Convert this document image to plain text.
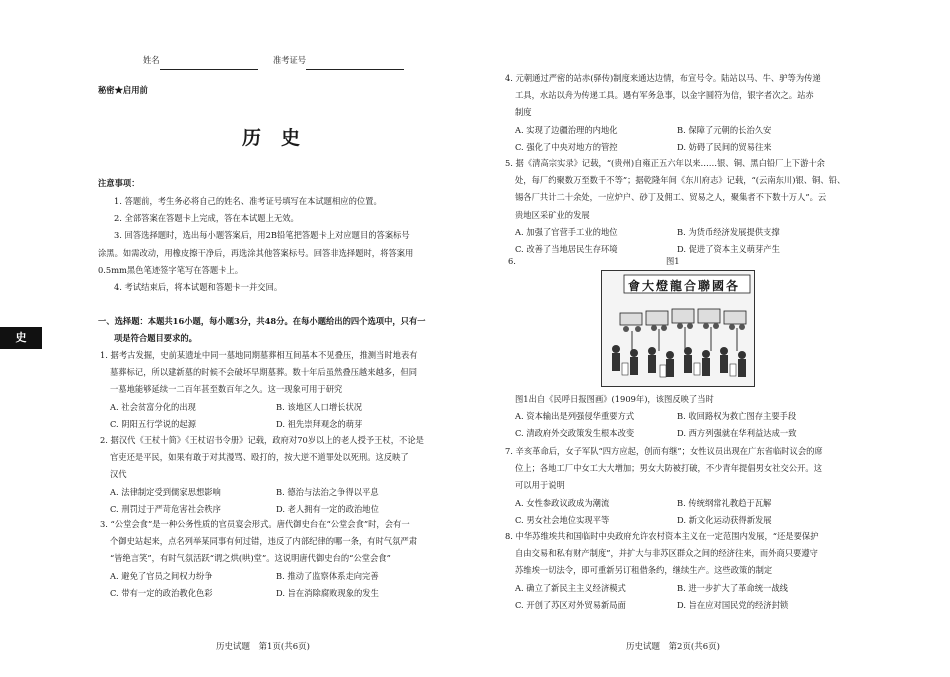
史
姓名	准考证号
秘密★启用前
历史
注意事项：
1. 答题前，考生务必将自己的姓名、准考证号填写在本试题相应的位置。
2. 全部答案在答题卡上完成，答在本试题上无效。
3. 回答选择题时，选出每小题答案后，用2B铅笔把答题卡上对应题目的答案标号
涂黑。如需改动，用橡皮擦干净后，再选涂其他答案标号。回答非选择题时，将答案用
0.5mm黑色笔迹签字笔写在答题卡上。
4. 考试结束后，将本试题和答题卡一并交回。
一、选择题：本题共16小题，每小题3分，共48分。在每小题给出的四个选项中，只有一
项是符合题目要求的。
1. 据考古发掘，史前某遗址中同一墓地同期墓葬相互间基本不见叠压，推测当时地表有
墓葬标记，所以建新墓的时候不会破坏早期墓葬。数十年后虽然叠压越来越多，但同
一墓地能够延续一二百年甚至数百年之久。这一现象可用于研究
A. 社会贫富分化的出现	B. 该地区人口增长状况
C. 阴阳五行学说的起源	D. 祖先崇拜观念的萌芽
2. 据汉代《王杖十简》《王杖诏书令册》记载，政府对70岁以上的老人授予王杖，不论是
官吏还是平民，如果有敢于对其漫骂、殴打的，按大逆不道罪处以死刑。这反映了
汉代
A. 法律制定受到儒家思想影响	B. 德治与法治之争得以平息
C. 刑罚过于严苛危害社会秩序	D. 老人拥有一定的政治地位
3. “公堂会食”是一种公务性质的官员宴会形式。唐代御史台在“公堂会食”时，会有一
个御史站起来，点名列举某同事有何过错，违反了内部纪律的哪一条，有时气氛严肃
“皆绝言笑”，有时气氛活跃“谓之烘(哄)堂”。这说明唐代御史台的“公堂会食”
A. 避免了官员之间权力纷争	B. 推动了监察体系走向完善
C. 带有一定的政治教化色彩	D. 旨在消除腐败现象的发生
历史试题　第1页(共6页)
4. 元朝通过严密的站赤(驿传)制度来通达边情，布宣号令。陆站以马、牛、驴等为传递
工具，水站以舟为传递工具。遇有军务急事，以金字圆符为信，银字者次之。站赤
制度
A. 实现了边疆治理的内地化	B. 保障了元朝的长治久安
C. 强化了中央对地方的管控	D. 妨碍了民间的贸易往来
5. 据《清高宗实录》记载，“(贵州)自雍正五六年以来……银、铜、黑白铅厂上下游十余
处，每厂约聚数万至数千不等”；据乾隆年间《东川府志》记载，“(云南东川)银、铜、铅、
锡各厂共计二十余处，一应炉户、砂丁及佣工、贸易之人，聚集者不下数十万人”。云
贵地区采矿业的发展
A. 加强了官营手工业的地位	B. 为货币经济发展提供支撑
C. 改善了当地居民生存环境	D. 促进了资本主义萌芽产生
6.	图1
會大燈龍合聯國各
图1出自《民呼日报图画》(1909年)，该图反映了当时
A. 资本输出是列强侵华重要方式	B. 收回路权为救亡图存主要手段
C. 清政府外交政策发生根本改变	D. 西方列强就在华利益达成一致
7. 辛亥革命后，女子军队“四方应起，创而有继”；女性议员出现在广东省临时议会的席
位上；各地工厂中女工大大增加；男女大防被打破，不少青年提倡男女社交公开。这
可以用于说明
A. 女性参政议政成为潮流	B. 传统纲常礼教趋于瓦解
C. 男女社会地位实现平等	D. 新文化运动获得新发展
8. 中华苏维埃共和国临时中央政府允许农村资本主义在一定范围内发展，“还是要保护
自由交易和私有财产制度”，并扩大与非苏区群众之间的经济往来，而外商只要遵守
苏维埃一切法令，即可重新另订租借条约，继续生产。这些政策的制定
A. 确立了新民主主义经济模式	B. 进一步扩大了革命统一战线
C. 开创了苏区对外贸易新局面	D. 旨在应对国民党的经济封锁
历史试题　第2页(共6页)
